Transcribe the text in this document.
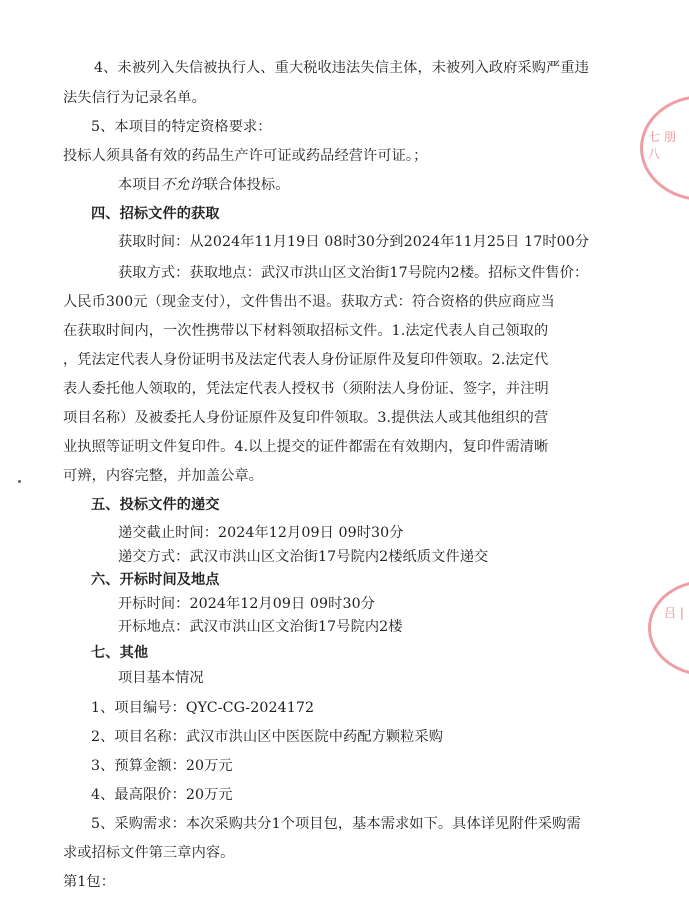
4、未被列入失信被执行人、重大税收违法失信主体，未被列入政府采购严重违
法失信行为记录名单。
5、本项目的特定资格要求：
投标人须具备有效的药品生产许可证或药品经营许可证。；
本项目不允许联合体投标。
四、招标文件的获取
获取时间：从2024年11月19日 08时30分到2024年11月25日 17时00分
获取方式：获取地点：武汉市洪山区文治街17号院内2楼。招标文件售价：
人民币300元（现金支付），文件售出不退。获取方式：符合资格的供应商应当
在获取时间内，一次性携带以下材料领取招标文件。1.法定代表人自己领取的
，凭法定代表人身份证明书及法定代表人身份证原件及复印件领取。2.法定代
表人委托他人领取的，凭法定代表人授权书（须附法人身份证、签字，并注明
项目名称）及被委托人身份证原件及复印件领取。3.提供法人或其他组织的营
业执照等证明文件复印件。4.以上提交的证件都需在有效期内，复印件需清晰
可辨，内容完整，并加盖公章。
五、投标文件的递交
递交截止时间：2024年12月09日 09时30分
递交方式：武汉市洪山区文治街17号院内2楼纸质文件递交
六、开标时间及地点
开标时间：2024年12月09日 09时30分
开标地点：武汉市洪山区文治街17号院内2楼
七、其他
项目基本情况
1、项目编号：QYC-CG-2024172
2、项目名称：武汉市洪山区中医医院中药配方颗粒采购
3、预算金额：20万元
4、最高限价：20万元
5、采购需求：本次采购共分1个项目包，基本需求如下。具体详见附件采购需
求或招标文件第三章内容。
第1包：
七 朋 八
吕 |
